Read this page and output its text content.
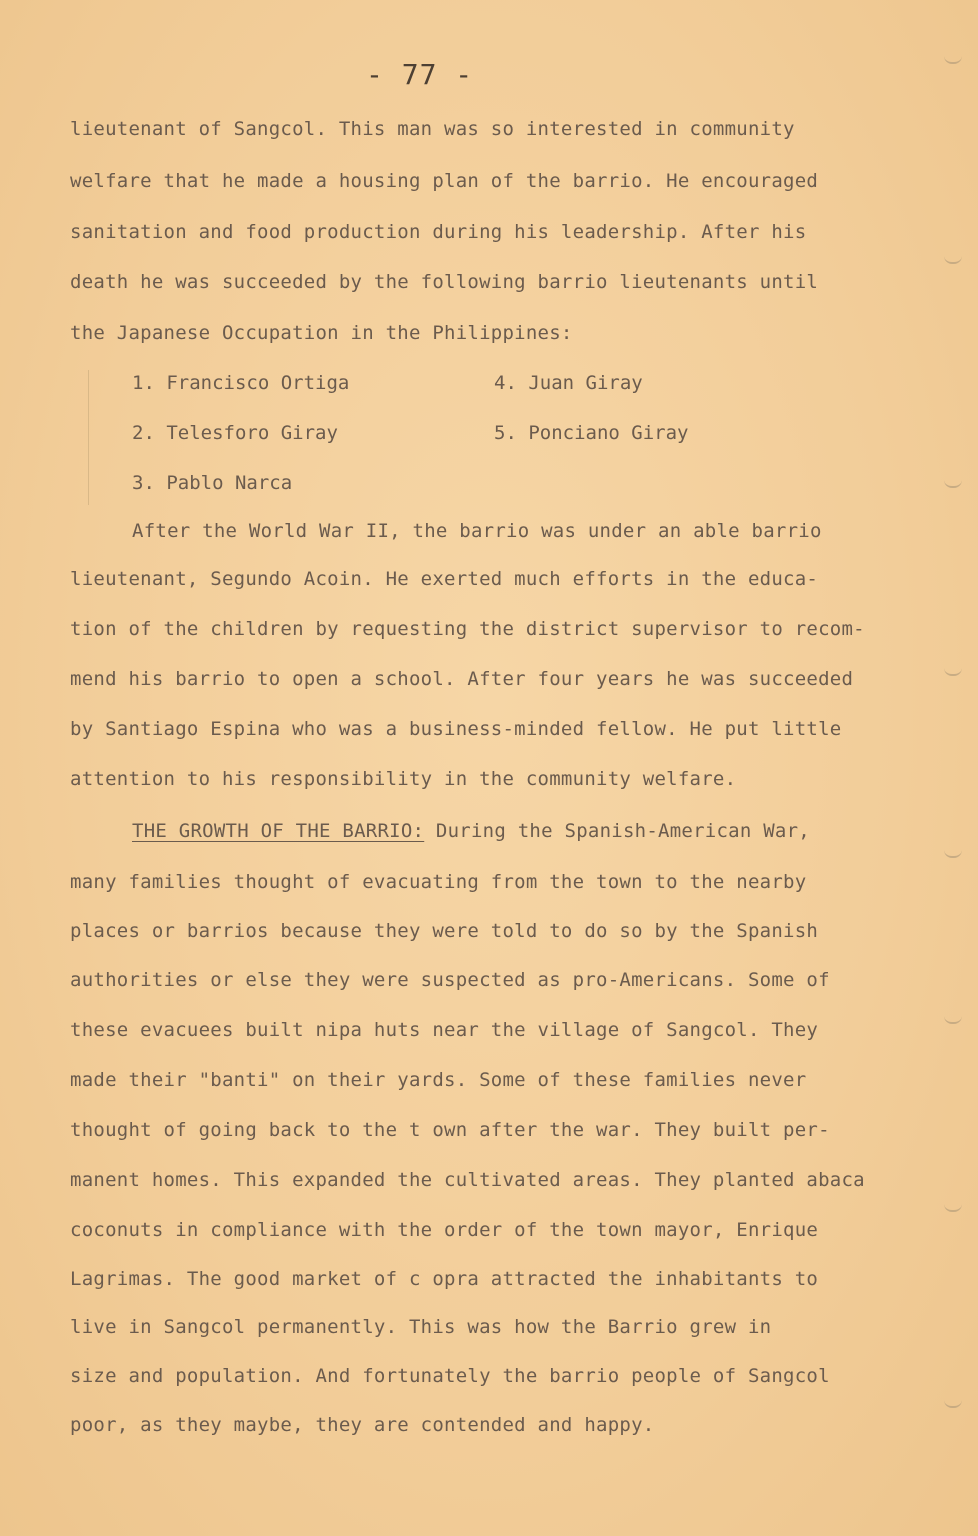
- 77 -
lieutenant of Sangcol. This man was so interested in community
welfare that he made a housing plan of the barrio. He encouraged
sanitation and food production during his leadership. After his
death he was succeeded by the following barrio lieutenants until
the Japanese Occupation in the Philippines:
1. Francisco Ortiga
2. Telesforo Giray
3. Pablo Narca
4. Juan Giray
5. Ponciano Giray
After the World War II, the barrio was under an able barrio
lieutenant, Segundo Acoin. He exerted much efforts in the educa-
tion of the children by requesting the district supervisor to recom-
mend his barrio to open a school. After four years he was succeeded
by Santiago Espina who was a business-minded fellow. He put little
attention to his responsibility in the community welfare.
THE GROWTH OF THE BARRIO: During the Spanish-American War,
many families thought of evacuating from the town to the nearby
places or barrios because they were told to do so by the Spanish
authorities or else they were suspected as pro-Americans. Some of
these evacuees built nipa huts near the village of Sangcol. They
made their "banti" on their yards. Some of these families never
thought of going back to the t own after the war. They built per-
manent homes. This expanded the cultivated areas. They planted abaca
coconuts in compliance with the order of the town mayor, Enrique
Lagrimas. The good market of c opra attracted the inhabitants to
live in Sangcol permanently. This was how the Barrio grew in
size and population. And fortunately the barrio people of Sangcol
poor, as they maybe, they are contended and happy.
